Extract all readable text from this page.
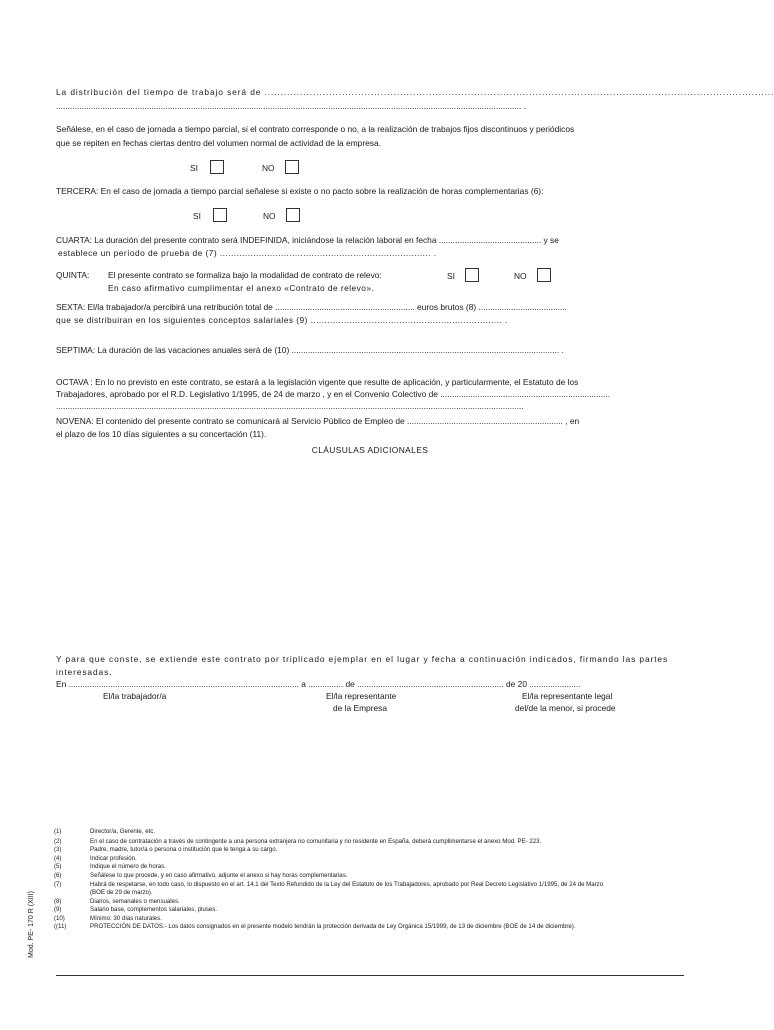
La distribución del tiempo de trabajo será de ..............................................................................................................................................................
........................................................................................................................................................................................................ .
Señálese, en el caso de jornada a tiempo parcial, si el contrato corresponde o no, a la realización de trabajos fijos discontinuos y periódicos
que se repiten en fechas ciertas dentro del volumen normal de actividad de la empresa.
SI	NO
TERCERA: En el caso de jornada a tiempo parcial señalese si existe o no pacto sobre la realización de horas complementarias (6):
SI	NO
CUARTA: La duración del presente contrato será INDEFINIDA, iniciándose la relación laboral en fecha ............................................ y se
establece un período de prueba de (7) ............................................................................ .
QUINTA: El presente contrato se formaliza bajo la modalidad de contrato de relevo:	SI	NO
En caso afirmativo cumplimentar el anexo «Contrato de relevo».
SEXTA: El/la trabajador/a percibirá una retribución total de ............................................................ euros brutos (8) ......................................
que se distribuiran en los siguientes conceptos salariales (9) ..................................................................... .
SEPTIMA: La duración de las vacaciones anuales será de (10) ................................................................................................................... .
OCTAVA : En lo no previsto en este contrato, se estará a la legislación vigente que resulte de aplicación, y particularmente, el Estatuto de los
Trabajadores, aprobado por el R.D. Legislativo 1/1995, de 24 de marzo , y en el Convenio Colectivo de .........................................................................
.........................................................................................................................................................................................................
NOVENA: El contenido del presente contrato se comunicará al Servicio Público de Empleo de ................................................................... , en
el plazo de los 10 días siguientes a su concertación (11).
CLÁUSULAS ADICIONALES
Y para que conste, se extiende este contrato por triplicado ejemplar en el lugar y fecha a continuación indicados, firmando las partes
interesadas.
En ................................................................................................... a ............... de ............................................................... de 20 ......................
El/la trabajador/a	El/la representante
de la Empresa
El/la representante legal
del/de la menor, si procede
(1)	Director/a, Gerente, etc.
(2)	En el caso de contratación a través de contingente a una persona extranjera no comunitaria y no residente en España, deberá cumplimentarse el anexo Mod. PE- 223.
(3)	Padre, madre, tutor/a o persona o institución que le tenga a su cargo.
(4)	Indicar profesión.
(5)	Indique el número de horas.
(6)	Señálese lo que procede, y en caso afirmativo, adjunte el anexo si hay horas complementarias.
(7)	Habrá de respetarse, en todo caso, lo dispuesto en el art. 14.1 del Texto Refundido de la Ley del Estatuto de los Trabajadores, aprobado por Real Decreto Legislativo 1/1995, de 24 de Marzo
(BOE de 29 de marzo).
(8)	Diarios, semanales o mensuales.
(9)	Salario base, complementos salariales, pluses.
(10)	Mínimo: 30 días naturales.
((11)	PROTECCIÓN DE DATOS.- Los datos consignados en el presente modelo tendrán la protección derivada de Ley Orgánica 15/1999, de 13 de diciembre (BOE de 14 de diciembre).
Mod. PE- 170 R (XIII)
